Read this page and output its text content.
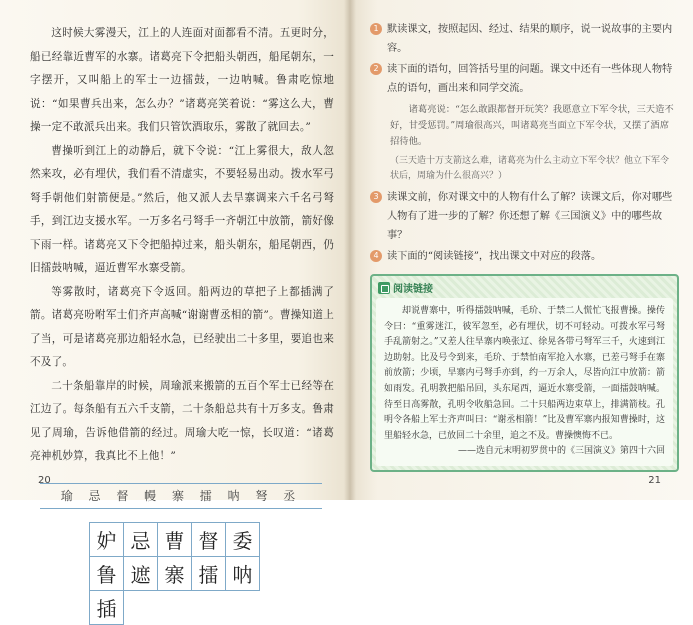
这时候大雾漫天，江上的人连面对面都看不清。五更时分，船已经靠近曹军的水寨。诸葛亮下令把船头朝西，船尾朝东，一字摆开，又叫船上的军士一边擂鼓，一边呐喊。鲁肃吃惊地说：“如果曹兵出来，怎么办？”诸葛亮笑着说：“雾这么大，曹操一定不敢派兵出来。我们只管饮酒取乐，雾散了就回去。”

曹操听到江上的动静后，就下令说：“江上雾很大，敌人忽然来攻，必有埋伏，我们看不清虚实，不要轻易出动。拨水军弓弩手朝他们射箭便是。”然后，他又派人去旱寨调来六千名弓弩手，到江边支援水军。一万多名弓弩手一齐朝江中放箭，箭好像下雨一样。诸葛亮又下令把船掉过来，船头朝东，船尾朝西，仍旧擂鼓呐喊，逼近曹军水寨受箭。

等雾散时，诸葛亮下令返回。船两边的草把子上都插满了箭。诸葛亮吩咐军士们齐声高喊“谢谢曹丞相的箭”。曹操知道上了当，可是诸葛亮那边船轻水急，已经驶出二十多里，要追也来不及了。

二十条船靠岸的时候，周瑜派来搬箭的五百个军士已经等在江边了。每条船有五六千支箭，二十条船总共有十万多支。鲁肃见了周瑜，告诉他借箭的经过。周瑜大吃一惊，长叹道：“诸葛亮神机妙算，我真比不上他！”

瑜 忌 督 幔 寨 擂 呐 弩 丞
妒 忌 曹 督 委
鲁 遮 寨 擂 呐
插
20
1 默读课文，按照起因、经过、结果的顺序，说一说故事的主要内容。
2 读下面的语句，回答括号里的问题。课文中还有一些体现人物特点的语句，画出来和同学交流。

诸葛亮说：“怎么敢跟都督开玩笑？我愿意立下军令状，三天造不好，甘受惩罚。”周瑜很高兴，叫诸葛亮当面立下军令状，又摆了酒席招待他。

（三天造十万支箭这么难，诸葛亮为什么主动立下军令状？他立下军令状后，周瑜为什么很高兴？）

3 读课文前，你对课文中的人物有什么了解？读课文后，你对哪些人物有了进一步的了解？你还想了解《三国演义》中的哪些故事？
4 读下面的“阅读链接”，找出课文中对应的段落。
阅读链接

却说曹寨中，听得擂鼓呐喊，毛玠、于禁二人慌忙飞报曹操。操传令曰：“重雾迷江，彼军忽至，必有埋伏，切不可轻动。可拨水军弓弩手乱箭射之。”又差人往旱寨内唤张辽、徐晃各带弓弩军三千，火速到江边助射。比及号令到来，毛玠、于禁怕南军抢入水寨，已差弓弩手在寨前放箭；少顷，旱寨内弓弩手亦到，约一万余人，尽皆向江中放箭：箭如雨发。孔明教把船吊回，头东尾西，逼近水寨受箭，一面擂鼓呐喊。待至日高雾散，孔明令收船急回。二十只船两边束草上，排满箭枝。孔明令各船上军士齐声叫曰：“谢丞相箭！”比及曹军寨内报知曹操时，这里船轻水急，已放回二十余里，追之不及。曹操懊悔不已。

——选自元末明初罗贯中的《三国演义》第四十六回

21
